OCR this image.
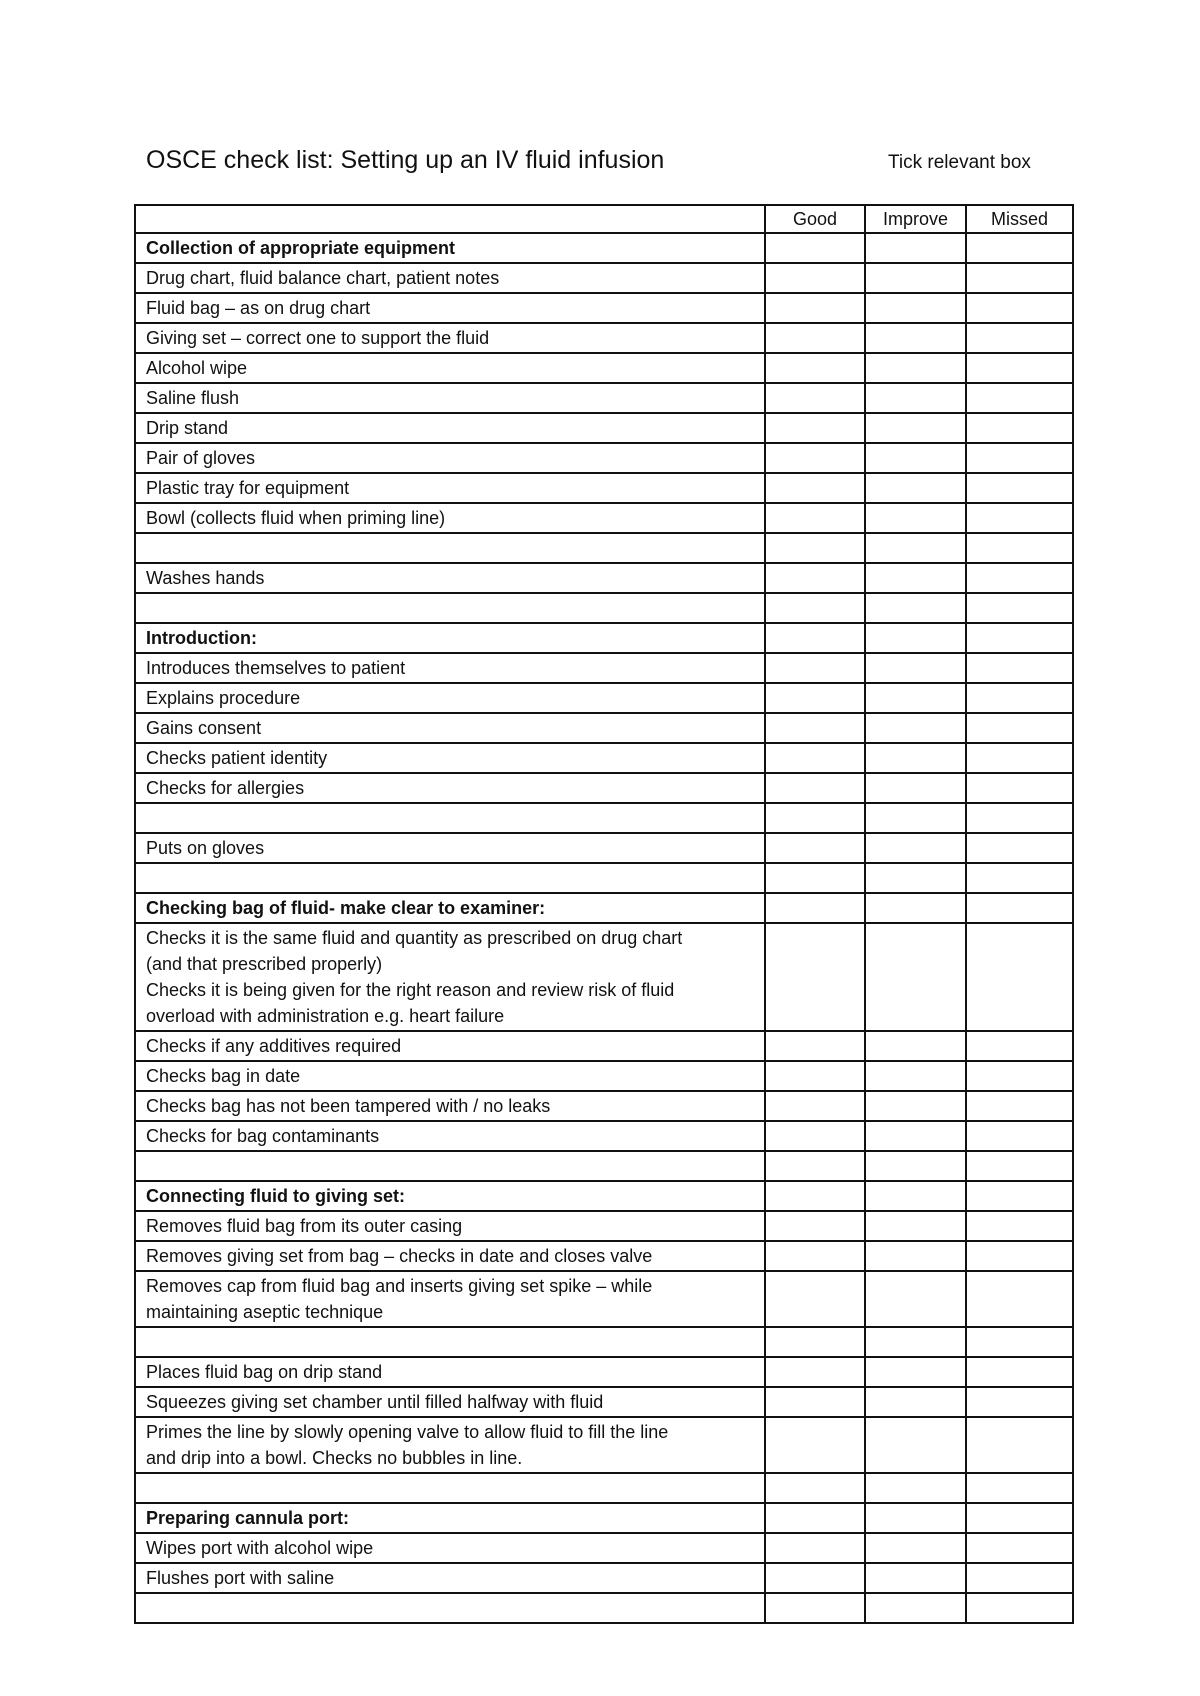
OSCE check list: Setting up an IV fluid infusion	Tick relevant box
	Good	Improve	Missed
Collection of appropriate equipment			
Drug chart, fluid balance chart, patient notes			
Fluid bag – as on drug chart			
Giving set – correct one to support the fluid			
Alcohol wipe			
Saline flush			
Drip stand			
Pair of gloves			
Plastic tray for equipment			
Bowl (collects fluid when priming line)			

Washes hands			

Introduction:			
Introduces themselves to patient			
Explains procedure			
Gains consent			
Checks patient identity			
Checks for allergies			

Puts on gloves			

Checking bag of fluid- make clear to examiner:			

Checks it is the same fluid and quantity as prescribed on drug chart
(and that prescribed properly)
Checks it is being given for the right reason and review risk of fluid
overload with administration e.g. heart failure			

Checks if any additives required			
Checks bag in date			
Checks bag has not been tampered with / no leaks			
Checks for bag contaminants			

Connecting fluid to giving set:			
Removes fluid bag from its outer casing			
Removes giving set from bag – checks in date and closes valve			

Removes cap from fluid bag and inserts giving set spike – while
maintaining aseptic technique			

Places fluid bag on drip stand			
Squeezes giving set chamber until filled halfway with fluid			

Primes the line by slowly opening valve to allow fluid to fill the line
and drip into a bowl. Checks no bubbles in line.			

Preparing cannula port:			
Wipes port with alcohol wipe			
Flushes port with saline			
